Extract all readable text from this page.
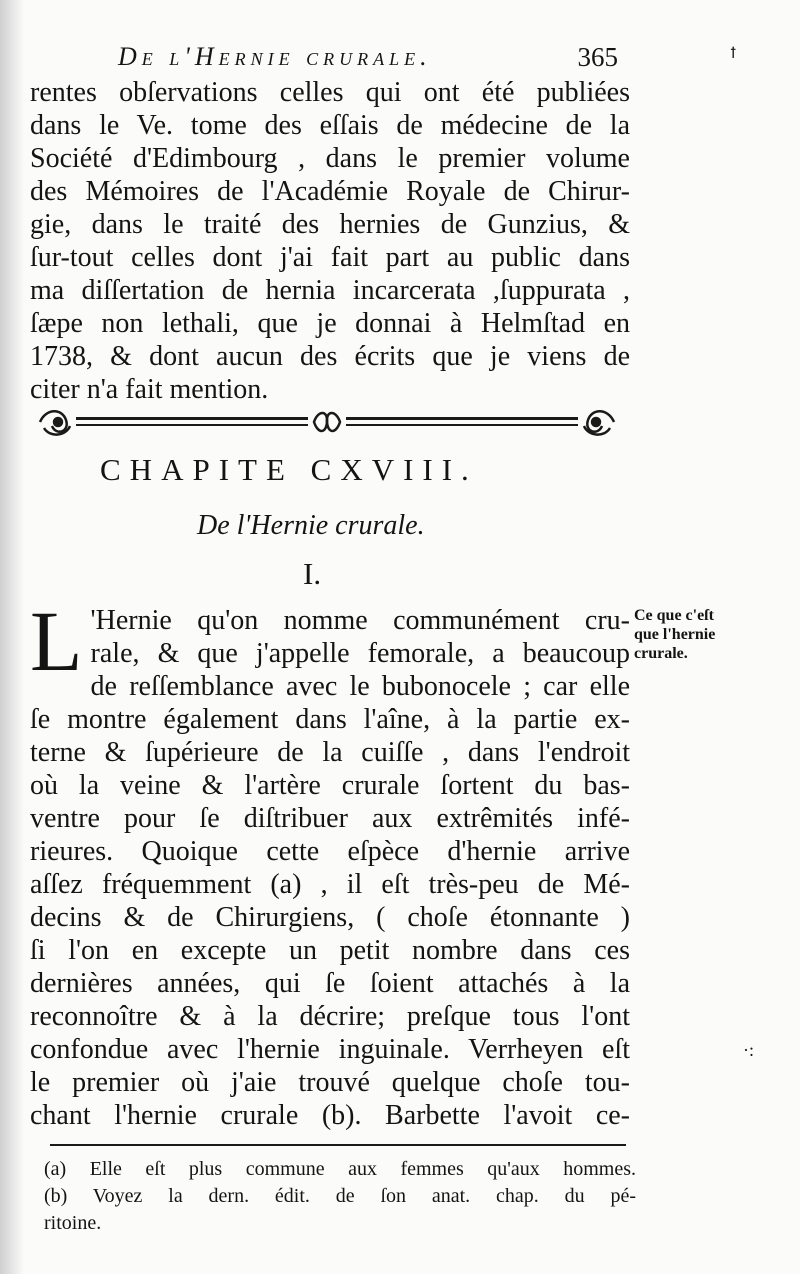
De l'Hernie crurale.	365	ꝉ

rentes obſervations celles qui ont été publiées

dans le Ve. tome des eſſais de médecine de la

Société d'Edimbourg , dans le premier volume

des Mémoires de l'Académie Royale de Chirur-

gie, dans le traité des hernies de Gunzius, &

ſur-tout celles dont j'ai fait part au public dans

ma diſſertation de hernia incarcerata ,ſuppurata ,

ſæpe non lethali, que je donnai à Helmſtad en

1738, & dont aucun des écrits que je viens de

citer n'a fait mention.

CHAPITE CXVIII.
De l'Hernie crurale.
I.
L 'Hernie qu'on nomme communément cru-

rale, & que j'appelle femorale, a beaucoup

de reſſemblance avec le bubonocele ; car elle

ſe montre également dans l'aîne, à la partie ex-

terne & ſupérieure de la cuiſſe , dans l'endroit

où la veine & l'artère crurale ſortent du bas-

ventre pour ſe diſtribuer aux extrêmités infé-

rieures. Quoique cette eſpèce d'hernie arrive

aſſez fréquemment (a) , il eſt très-peu de Mé-

decins & de Chirurgiens, ( choſe étonnante )

ſi l'on en excepte un petit nombre dans ces

dernières années, qui ſe ſoient attachés à la

reconnoître & à la décrire; preſque tous l'ont

confondue avec l'hernie inguinale. Verrheyen eſt

le premier où j'aie trouvé quelque choſe tou-

chant l'hernie crurale (b). Barbette l'avoit ce-

Ce que c'eſt

que l'hernie

crurale.

(a) Elle eſt plus commune aux femmes qu'aux hommes.

(b) Voyez la dern. édit. de ſon anat. chap. du pé-

ritoine.

·:
